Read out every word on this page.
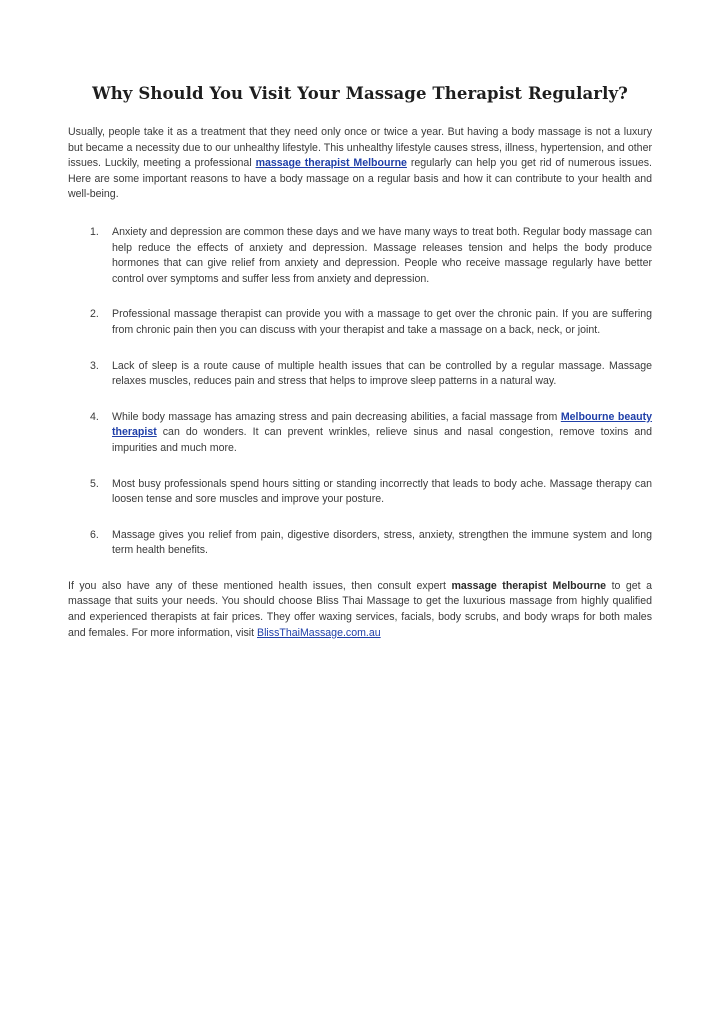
Why Should You Visit Your Massage Therapist Regularly?

Usually, people take it as a treatment that they need only once or twice a year. But having a body massage is not a luxury but became a necessity due to our unhealthy lifestyle. This unhealthy lifestyle causes stress, illness, hypertension, and other issues. Luckily, meeting a professional massage therapist Melbourne regularly can help you get rid of numerous issues. Here are some important reasons to have a body massage on a regular basis and how it can contribute to your health and well-being.

1. Anxiety and depression are common these days and we have many ways to treat both. Regular body massage can help reduce the effects of anxiety and depression. Massage releases tension and helps the body produce hormones that can give relief from anxiety and depression. People who receive massage regularly have better control over symptoms and suffer less from anxiety and depression.
2. Professional massage therapist can provide you with a massage to get over the chronic pain. If you are suffering from chronic pain then you can discuss with your therapist and take a massage on a back, neck, or joint.
3. Lack of sleep is a route cause of multiple health issues that can be controlled by a regular massage. Massage relaxes muscles, reduces pain and stress that helps to improve sleep patterns in a natural way.
4. While body massage has amazing stress and pain decreasing abilities, a facial massage from Melbourne beauty therapist can do wonders. It can prevent wrinkles, relieve sinus and nasal congestion, remove toxins and impurities and much more.
5. Most busy professionals spend hours sitting or standing incorrectly that leads to body ache. Massage therapy can loosen tense and sore muscles and improve your posture.
6. Massage gives you relief from pain, digestive disorders, stress, anxiety, strengthen the immune system and long term health benefits.

If you also have any of these mentioned health issues, then consult expert massage therapist Melbourne to get a massage that suits your needs. You should choose Bliss Thai Massage to get the luxurious massage from highly qualified and experienced therapists at fair prices. They offer waxing services, facials, body scrubs, and body wraps for both males and females. For more information, visit BlissThaiMassage.com.au
